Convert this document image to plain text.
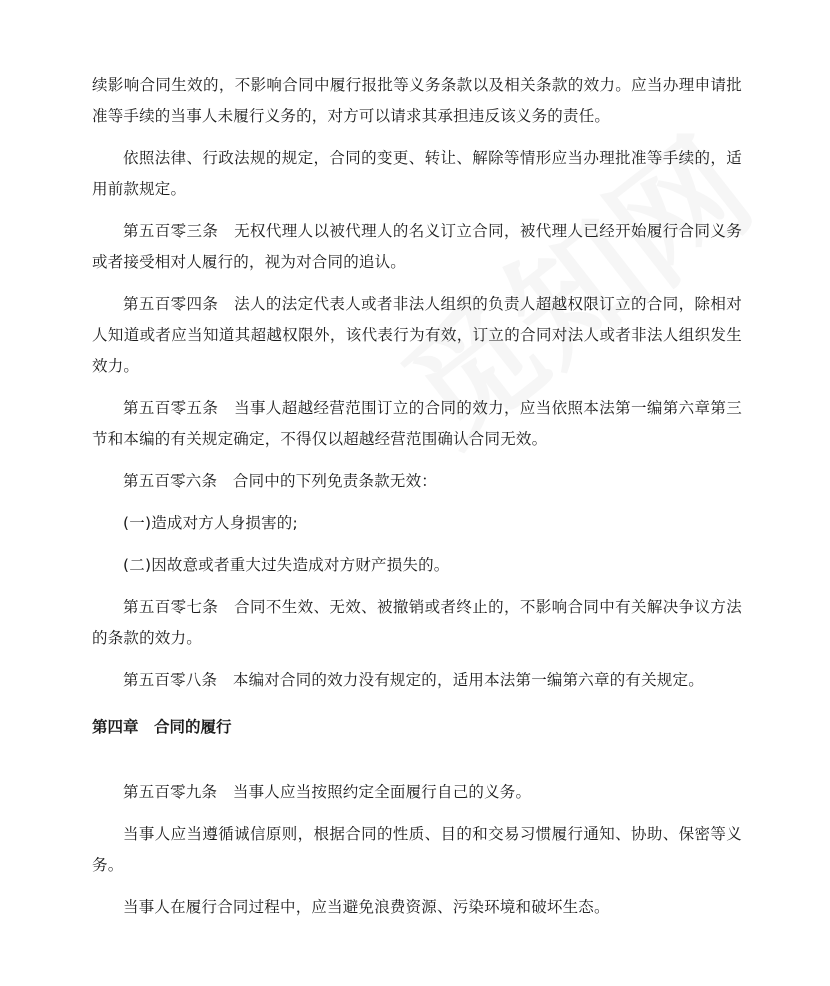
续影响合同生效的，不影响合同中履行报批等义务条款以及相关条款的效力。应当办理申请批准等手续的当事人未履行义务的，对方可以请求其承担违反该义务的责任。

依照法律、行政法规的规定，合同的变更、转让、解除等情形应当办理批准等手续的，适用前款规定。

第五百零三条　无权代理人以被代理人的名义订立合同，被代理人已经开始履行合同义务或者接受相对人履行的，视为对合同的追认。

第五百零四条　法人的法定代表人或者非法人组织的负责人超越权限订立的合同，除相对人知道或者应当知道其超越权限外，该代表行为有效，订立的合同对法人或者非法人组织发生效力。

第五百零五条　当事人超越经营范围订立的合同的效力，应当依照本法第一编第六章第三节和本编的有关规定确定，不得仅以超越经营范围确认合同无效。

第五百零六条　合同中的下列免责条款无效：

(一)造成对方人身损害的;

(二)因故意或者重大过失造成对方财产损失的。

第五百零七条　合同不生效、无效、被撤销或者终止的，不影响合同中有关解决争议方法的条款的效力。

第五百零八条　本编对合同的效力没有规定的，适用本法第一编第六章的有关规定。

第四章　合同的履行

第五百零九条　当事人应当按照约定全面履行自己的义务。

当事人应当遵循诚信原则，根据合同的性质、目的和交易习惯履行通知、协助、保密等义务。

当事人在履行合同过程中，应当避免浪费资源、污染环境和破坏生态。
